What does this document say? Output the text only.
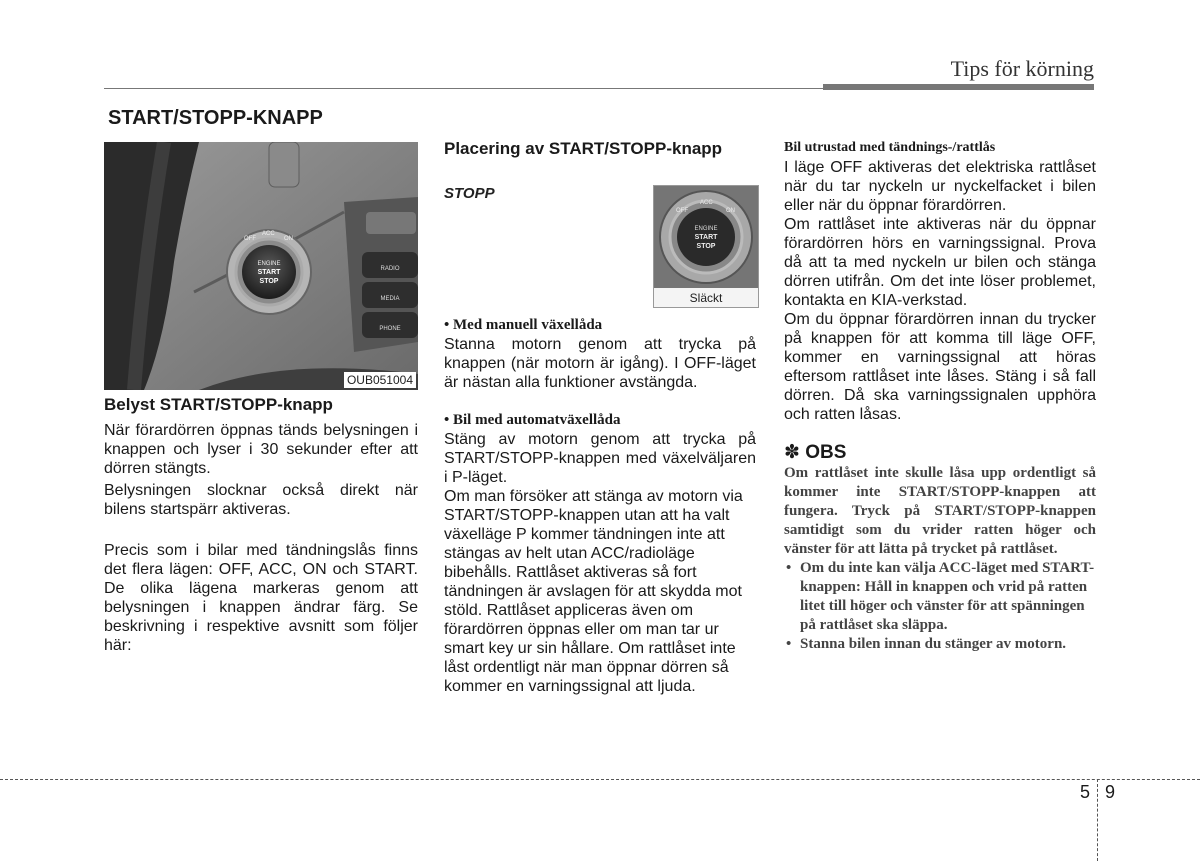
Tips för körning
START/STOPP-KNAPP
RADIO
MEDIA
PHONE
OFF
ACC
ON
ENGINE
START
STOP
OUB051004
Belyst START/STOPP-knapp

När förardörren öppnas tänds belysningen i knappen och lyser i 30 sekunder efter att dörren stängts.

Belysningen slocknar också direkt när bilens startspärr aktiveras.

Precis som i bilar med tändningslås finns det flera lägen: OFF, ACC, ON och START. De olika lägena markeras genom att belysningen i knappen ändrar färg. Se beskrivning i respektive avsnitt som följer här:

Placering av START/STOPP-knapp
STOPP
OFF
ACC
ON
ENGINE
START
STOP
Släckt
• Med manuell växellåda

Stanna motorn genom att trycka på knappen (när motorn är igång). I OFF-läget är nästan alla funktioner avstängda.

• Bil med automatväxellåda

Stäng av motorn genom att trycka på START/STOPP-knappen med växelväljaren i P-läget.

Om man försöker att stänga av motorn via START/STOPP-knappen utan att ha valt växelläge P kommer tändningen inte att stängas av helt utan ACC/radioläge bibehålls. Rattlåset aktiveras så fort tändningen är avslagen för att skydda mot stöld. Rattlåset appliceras även om förardörren öppnas eller om man tar ur smart key ur sin hållare. Om rattlåset inte låst ordentligt när man öppnar dörren så kommer en varningssignal att ljuda.

Bil utrustad med tändnings-/rattlås

I läge OFF aktiveras det elektriska rattlåset när du tar nyckeln ur nyckelfacket i bilen eller när du öppnar förardörren.

Om rattlåset inte aktiveras när du öppnar förardörren hörs en varningssignal. Prova då att ta med nyckeln ur bilen och stänga dörren utifrån. Om det inte löser problemet, kontakta en KIA-verkstad.

Om du öppnar förardörren innan du trycker på knappen för att komma till läge OFF, kommer en varningssignal att höras eftersom rattlåset inte låses. Stäng i så fall dörren. Då ska varningssignalen upphöra och ratten låsas.

✽ OBS

Om rattlåset inte skulle låsa upp ordentligt så kommer inte START/STOPP-knappen att fungera. Tryck på START/STOPP-knappen samtidigt som du vrider ratten höger och vänster för att lätta på trycket på rattlåset.

• Om du inte kan välja ACC-läget med START-knappen: Håll in knappen och vrid på ratten litet till höger och vänster för att spänningen på rattlåset ska släppa.
• Stanna bilen innan du stänger av motorn.
5 9
